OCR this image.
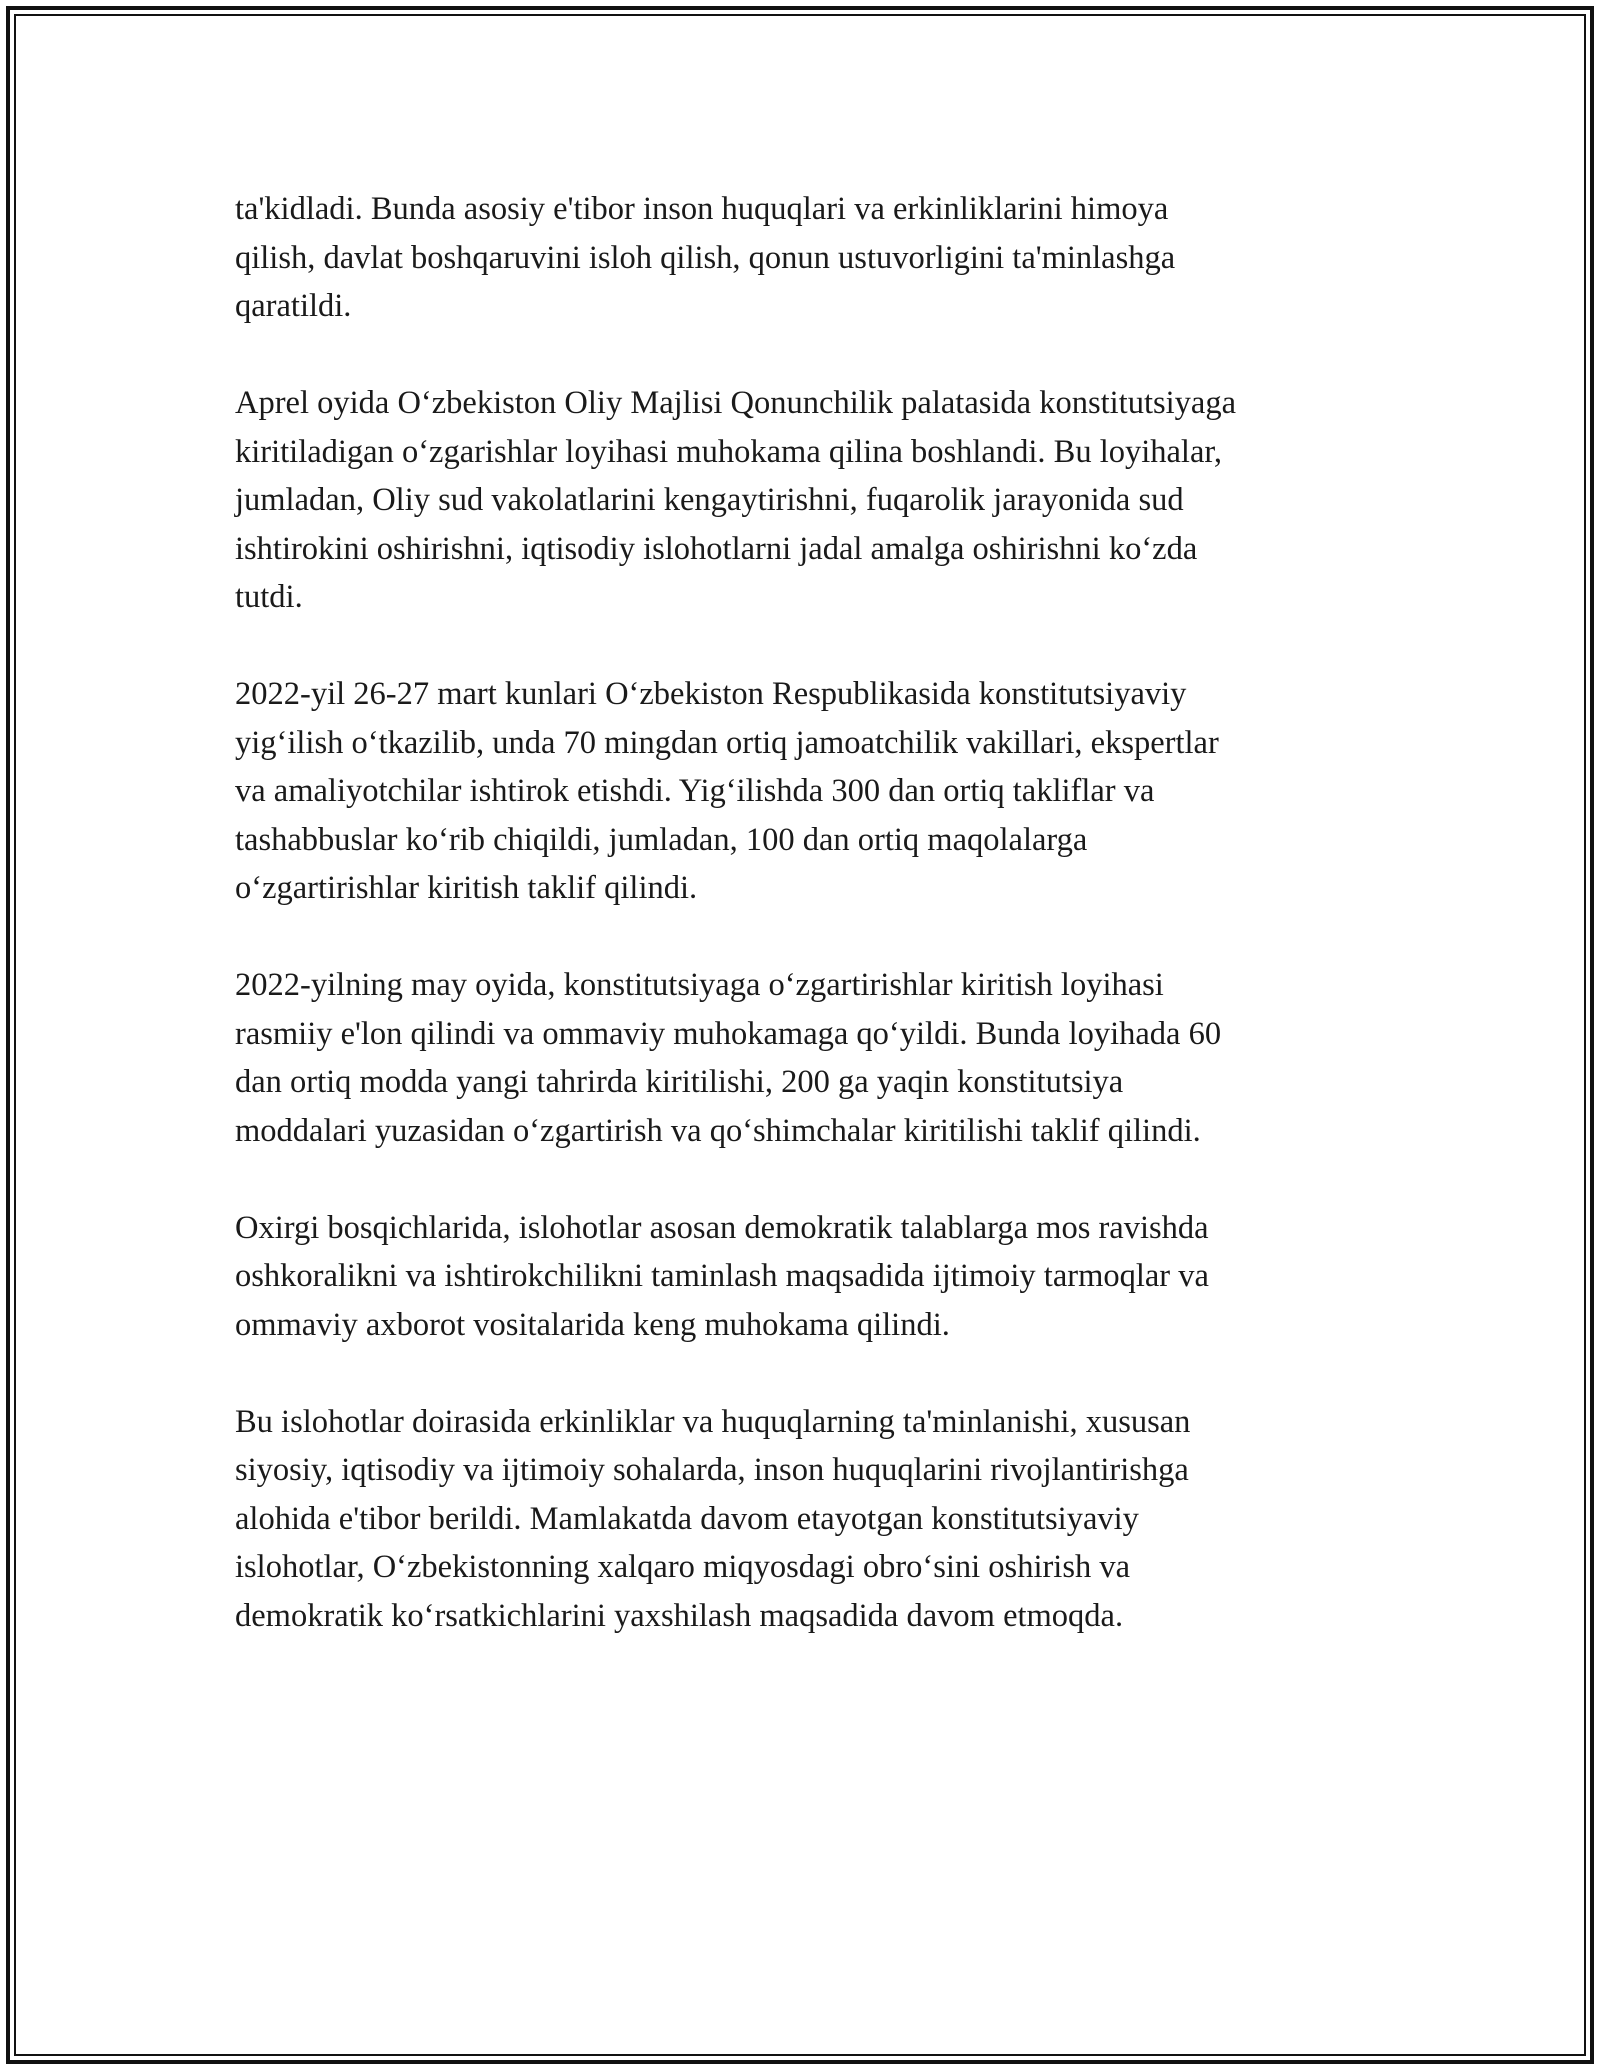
ta'kidladi. Bunda asosiy e'tibor inson huquqlari va erkinliklarini himoya
qilish, davlat boshqaruvini isloh qilish, qonun ustuvorligini ta'minlashga
qaratildi.

Aprel oyida O‘zbekiston Oliy Majlisi Qonunchilik palatasida konstitutsiyaga
kiritiladigan o‘zgarishlar loyihasi muhokama qilina boshlandi. Bu loyihalar,
jumladan, Oliy sud vakolatlarini kengaytirishni, fuqarolik jarayonida sud
ishtirokini oshirishni, iqtisodiy islohotlarni jadal amalga oshirishni ko‘zda
tutdi.

2022-yil 26-27 mart kunlari O‘zbekiston Respublikasida konstitutsiyaviy
yig‘ilish o‘tkazilib, unda 70 mingdan ortiq jamoatchilik vakillari, ekspertlar
va amaliyotchilar ishtirok etishdi. Yig‘ilishda 300 dan ortiq takliflar va
tashabbuslar ko‘rib chiqildi, jumladan, 100 dan ortiq maqolalarga
o‘zgartirishlar kiritish taklif qilindi.

2022-yilning may oyida, konstitutsiyaga o‘zgartirishlar kiritish loyihasi
rasmiiy e'lon qilindi va ommaviy muhokamaga qo‘yildi. Bunda loyihada 60
dan ortiq modda yangi tahrirda kiritilishi, 200 ga yaqin konstitutsiya
moddalari yuzasidan o‘zgartirish va qo‘shimchalar kiritilishi taklif qilindi.

Oxirgi bosqichlarida, islohotlar asosan demokratik talablarga mos ravishda
oshkoralikni va ishtirokchilikni taminlash maqsadida ijtimoiy tarmoqlar va
ommaviy axborot vositalarida keng muhokama qilindi.

Bu islohotlar doirasida erkinliklar va huquqlarning ta'minlanishi, xususan
siyosiy, iqtisodiy va ijtimoiy sohalarda, inson huquqlarini rivojlantirishga
alohida e'tibor berildi. Mamlakatda davom etayotgan konstitutsiyaviy
islohotlar, O‘zbekistonning xalqaro miqyosdagi obro‘sini oshirish va
demokratik ko‘rsatkichlarini yaxshilash maqsadida davom etmoqda.
